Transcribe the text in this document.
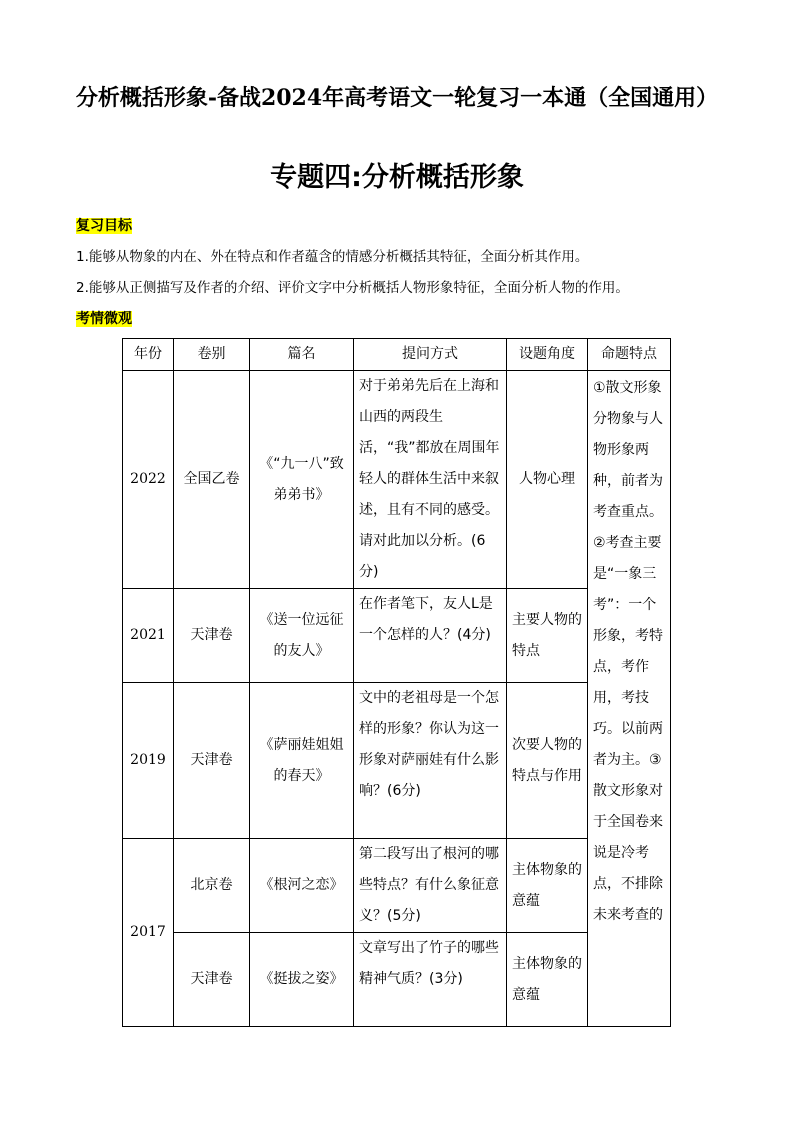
分析概括形象-备战2024年高考语文一轮复习一本通（全国通用）
专题四:分析概括形象
复习目标
1.能够从物象的内在、外在特点和作者蕴含的情感分析概括其特征，全面分析其作用。
2.能够从正侧描写及作者的介绍、评价文字中分析概括人物形象特征，全面分析人物的作用。
考情微观
年份	卷别	篇名	提问方式	设题角度	命题特点
2022	全国乙卷	《“九一八”致弟弟书》	对于弟弟先后在上海和山西的两段生活，“我”都放在周围年轻人的群体生活中来叙述，且有不同的感受。请对此加以分析。(6分)	人物心理	①散文形象分物象与人物形象两种，前者为考查重点。②考查主要是“一象三考”：一个形象，考特点，考作用，考技巧。以前两者为主。③散文形象对于全国卷来说是冷考点，不排除未来考查的
2021	天津卷	《送一位远征的友人》	在作者笔下，友人L是一个怎样的人？(4分)	主要人物的特点	
2019	天津卷	《萨丽娃姐姐的春天》	文中的老祖母是一个怎样的形象？你认为这一形象对萨丽娃有什么影响？(6分)	次要人物的特点与作用	
2017	北京卷	《根河之恋》	第二段写出了根河的哪些特点？有什么象征意义？(5分)	主体物象的意蕴	
	天津卷	《挺拔之姿》	文章写出了竹子的哪些精神气质？(3分)	主体物象的意蕴	
